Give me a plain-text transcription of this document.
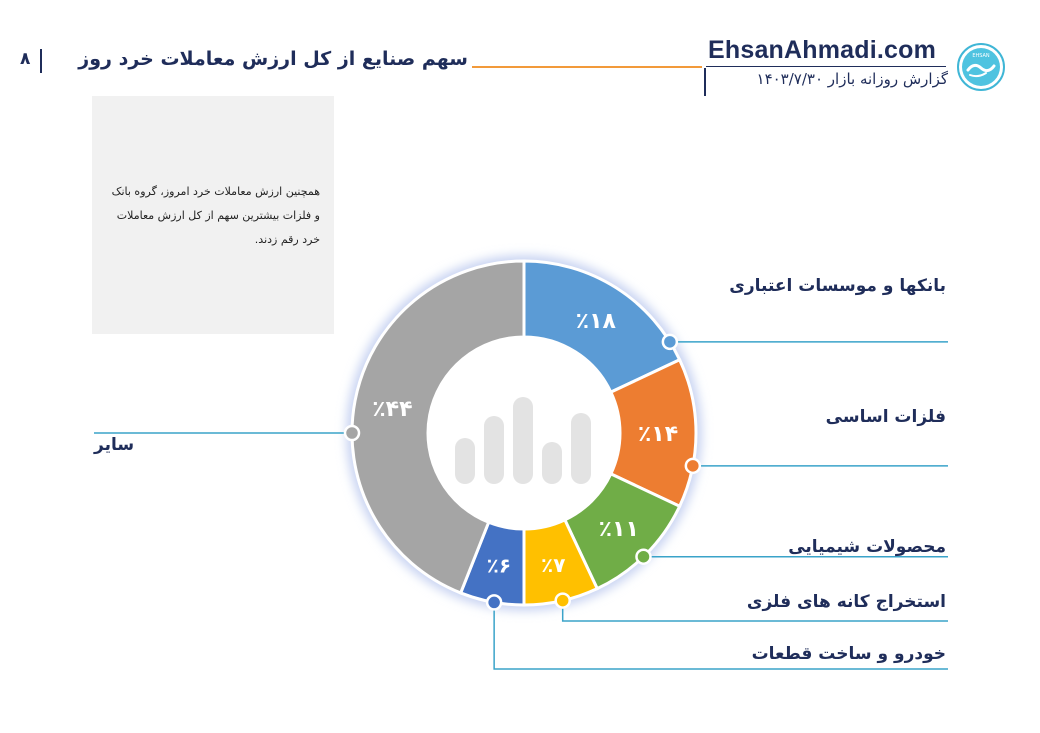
۸	سهم صنایع از کل ارزش معاملات خرد روز	EhsanAhmadi.com
گزارش روزانه بازار ۱۴۰۳/۷/۳۰
EHSAN
همچنین ارزش معاملات خرد امروز، گروه بانک و فلزات بیشترین سهم از کل ارزش معاملات خرد رقم زدند.
٪۱۸
٪۱۴
٪۱۱
٪۷
٪۶
٪۴۴
بانکها و موسسات اعتباری
فلزات اساسی
محصولات شیمیایی
استخراج کانه های فلزی
خودرو و ساخت قطعات
سایر
